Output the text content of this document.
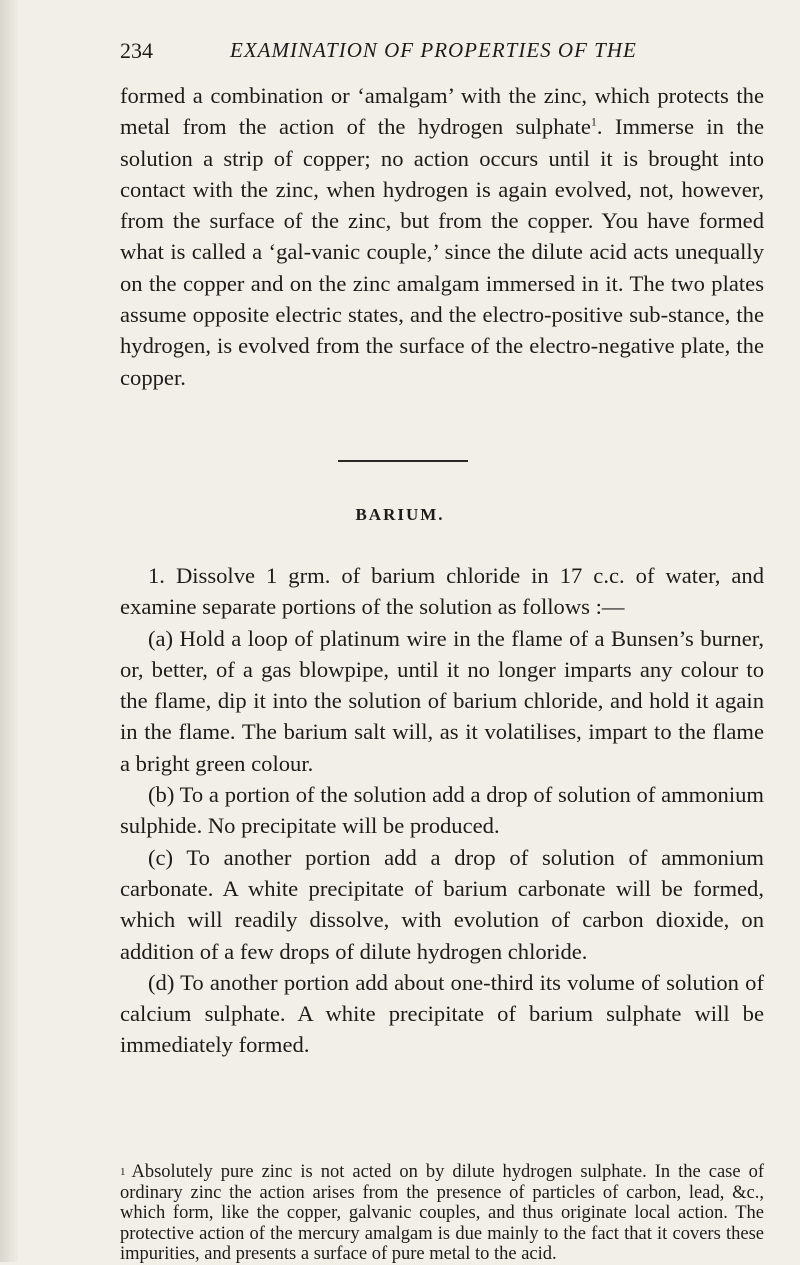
234	EXAMINATION OF PROPERTIES OF THE

formed a combination or ‘amalgam’ with the zinc, which protects the metal from the action of the hydrogen sulphate$^1$. Immerse in the solution a strip of copper; no action occurs until it is brought into contact with the zinc, when hydrogen is again evolved, not, however, from the surface of the zinc, but from the copper. You have formed what is called a ‘gal-vanic couple,’ since the dilute acid acts unequally on the copper and on the zinc amalgam immersed in it. The two plates assume opposite electric states, and the electro-positive sub-stance, the hydrogen, is evolved from the surface of the electro-negative plate, the copper.

BARIUM.

1. Dissolve 1 grm. of barium chloride in 17 c.c. of water, and examine separate portions of the solution as follows :—

(a) Hold a loop of platinum wire in the flame of a Bunsen’s burner, or, better, of a gas blowpipe, until it no longer imparts any colour to the flame, dip it into the solution of barium chloride, and hold it again in the flame. The barium salt will, as it volatilises, impart to the flame a bright green colour.

(b) To a portion of the solution add a drop of solution of ammonium sulphide. No precipitate will be produced.

(c) To another portion add a drop of solution of ammonium carbonate. A white precipitate of barium carbonate will be formed, which will readily dissolve, with evolution of carbon dioxide, on addition of a few drops of dilute hydrogen chloride.

(d) To another portion add about one-third its volume of solution of calcium sulphate. A white precipitate of barium sulphate will be immediately formed.

$^1$ Absolutely pure zinc is not acted on by dilute hydrogen sulphate. In the case of ordinary zinc the action arises from the presence of particles of carbon, lead, &c., which form, like the copper, galvanic couples, and thus originate local action. The protective action of the mercury amalgam is due mainly to the fact that it covers these impurities, and presents a surface of pure metal to the acid.
